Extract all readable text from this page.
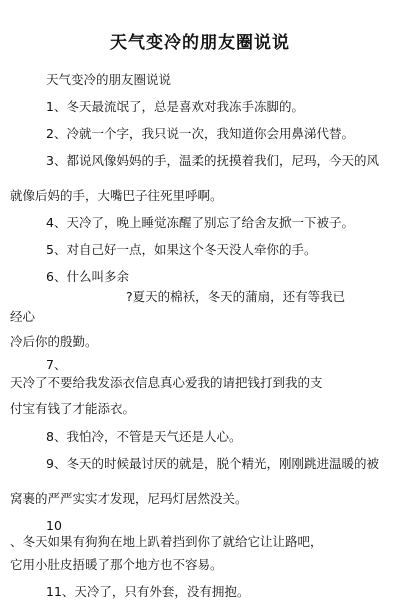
天气变冷的朋友圈说说
天气变冷的朋友圈说说
1、冬天最流氓了，总是喜欢对我冻手冻脚的。
2、冷就一个字，我只说一次，我知道你会用鼻涕代替。
3、都说风像妈妈的手，温柔的抚摸着我们，尼玛，今天的风
就像后妈的手，大嘴巴子往死里呼啊。
4、天冷了，晚上睡觉冻醒了别忘了给舍友掀一下被子。
5、对自己好一点，如果这个冬天没人牵你的手。
6、什么叫多余
?夏天的棉袄，冬天的蒲扇，还有等我已
经心
冷后你的殷勤。
7、
天冷了不要给我发添衣信息真心爱我的请把钱打到我的支
付宝有钱了才能添衣。
8、我怕冷，不管是天气还是人心。
9、冬天的时候最讨厌的就是，脱个精光，刚刚跳进温暖的被
窝裹的严严实实才发现，尼玛灯居然没关。
10
、冬天如果有狗狗在地上趴着挡到你了就给它让让路吧，
它用小肚皮捂暖了那个地方也不容易。
11、天冷了，只有外套，没有拥抱。
